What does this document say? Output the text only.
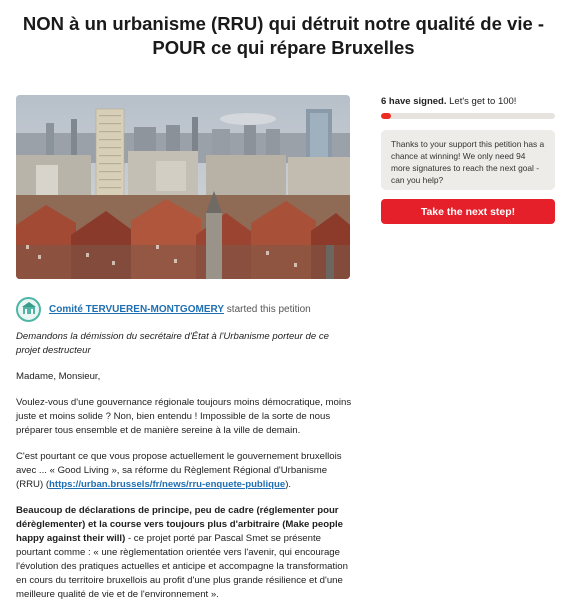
NON à un urbanisme (RRU) qui détruit notre qualité de vie -
POUR ce qui répare Bruxelles
6 have signed. Let's get to 100!
Thanks to your support this petition has a chance at winning! We only need 94 more signatures to reach the next goal - can you help?
Take the next step!
Comité TERVUEREN-MONTGOMERY started this petition

Demandons la démission du secrétaire d'État à l'Urbanisme porteur de ce projet destructeur

Madame, Monsieur,

Voulez-vous d'une gouvernance régionale toujours moins démocratique, moins juste et moins solide ? Non, bien entendu ! Impossible de la sorte de nous préparer tous ensemble et de manière sereine à la ville de demain.

C'est pourtant ce que vous propose actuellement le gouvernement bruxellois avec ... « Good Living », sa réforme du Règlement Régional d'Urbanisme (RRU) (https://urban.brussels/fr/news/rru-enquete-publique).

Beaucoup de déclarations de principe, peu de cadre (réglementer pour dérèglementer) et la course vers toujours plus d'arbitraire (Make people happy against their will) - ce projet porté par Pascal Smet se présente pourtant comme : « une règlementation orientée vers l'avenir, qui encourage l'évolution des pratiques actuelles et anticipe et accompagne la transformation en cours du territoire bruxellois au profit d'une plus grande résilience et d'une meilleure qualité de vie et de l'environnement ».
